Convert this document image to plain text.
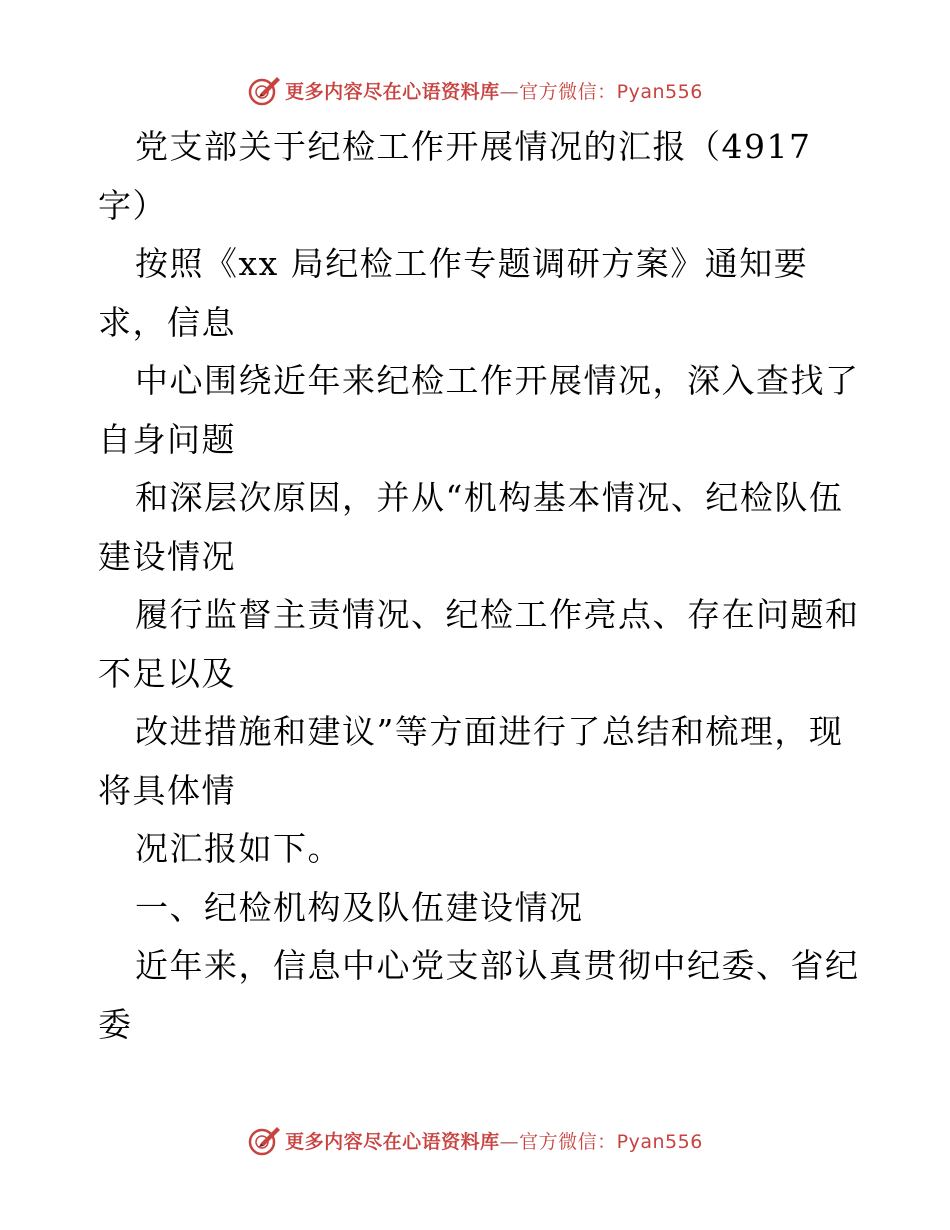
更多内容尽在心语资料库—官方微信：Pyan556
党支部关于纪检工作开展情况的汇报（4917
字）
按照《xx 局纪检工作专题调研方案》通知要
求，信息
中心围绕近年来纪检工作开展情况，深入查找了
自身问题
和深层次原因，并从“机构基本情况、纪检队伍
建设情况
履行监督主责情况、纪检工作亮点、存在问题和
不足以及
改进措施和建议”等方面进行了总结和梳理，现
将具体情
况汇报如下。
一、纪检机构及队伍建设情况
近年来，信息中心党支部认真贯彻中纪委、省纪
委
更多内容尽在心语资料库—官方微信：Pyan556
